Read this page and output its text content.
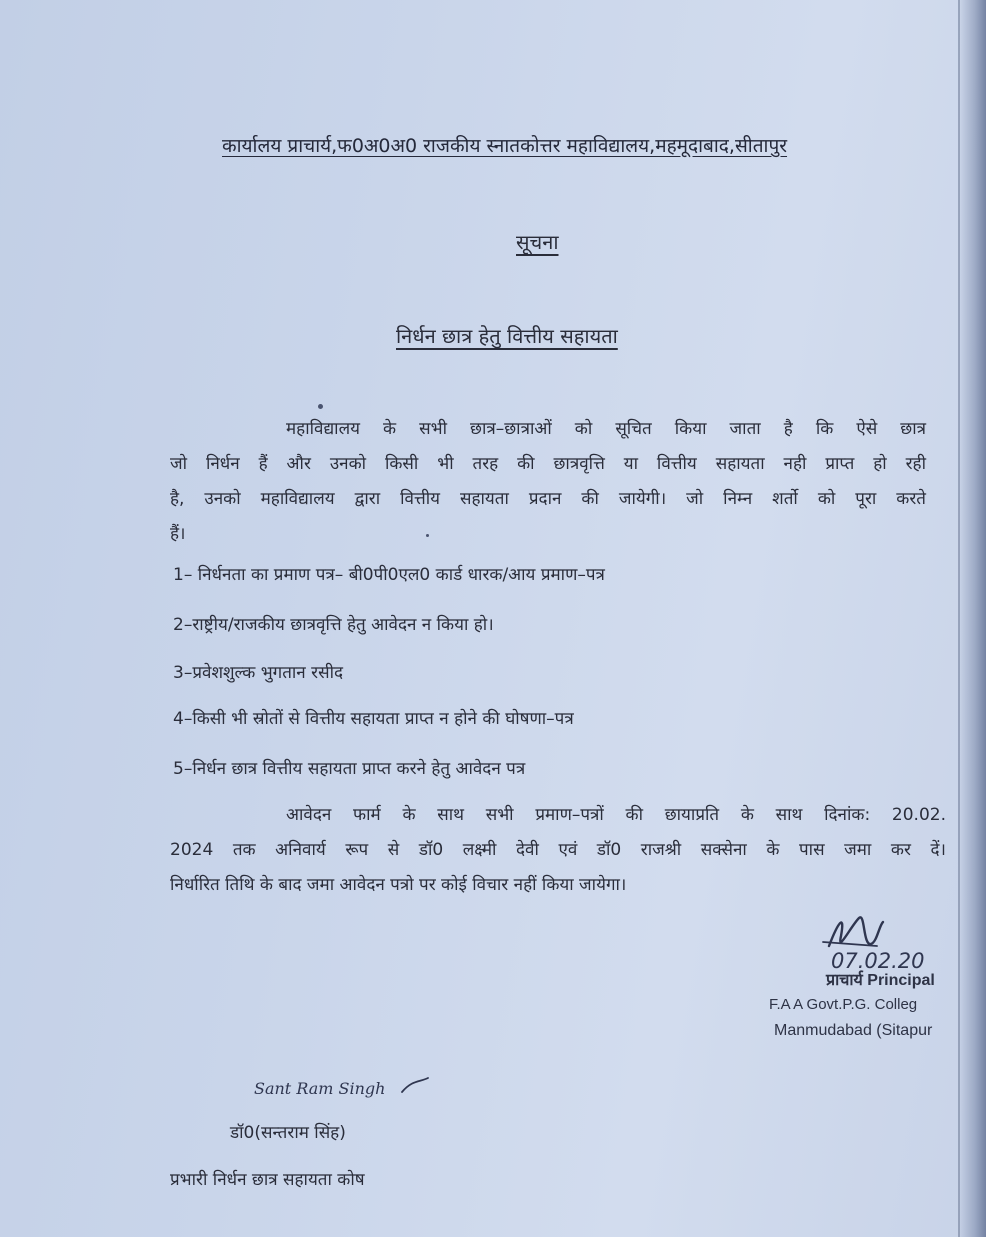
कार्यालय प्राचार्य,फ0अ0अ0 राजकीय स्नातकोत्तर महाविद्यालय,महमूदाबाद,सीतापुर
सूचना
निर्धन छात्र हेतु वित्तीय सहायता
महाविद्यालय के सभी छात्र–छात्राओं को सूचित किया जाता है कि ऐसे छात्र
जो निर्धन हैं और उनको किसी भी तरह की छात्रवृत्ति या वित्तीय सहायता नही प्राप्त हो रही
है, उनको महाविद्यालय द्वारा वित्तीय सहायता प्रदान की जायेगी। जो निम्न शर्तो को पूरा करते
हैं।
1– निर्धनता का प्रमाण पत्र– बी0पी0एल0 कार्ड धारक/आय प्रमाण–पत्र
2–राष्ट्रीय/राजकीय छात्रवृत्ति हेतु आवेदन न किया हो।
3–प्रवेशशुल्क भुगतान रसीद
4–किसी भी स्रोतों से वित्तीय सहायता प्राप्त न होने की घोषणा–पत्र
5–निर्धन छात्र वित्तीय सहायता प्राप्त करने हेतु आवेदन पत्र
आवेदन फार्म के साथ सभी प्रमाण–पत्रों की छायाप्रति के साथ दिनांक: 20.02.
2024 तक अनिवार्य रूप से डॉ0 लक्ष्मी देवी एवं डॉ0 राजश्री सक्सेना के पास जमा कर दें।
निर्धारित तिथि के बाद जमा आवेदन पत्रो पर कोई विचार नहीं किया जायेगा।
07.02.20
प्राचार्य Principal
F.A A Govt.P.G. Colleg
Manmudabad (Sitapur
Sant Ram Singh
डॉ0(सन्तराम सिंह)
प्रभारी निर्धन छात्र सहायता कोष
